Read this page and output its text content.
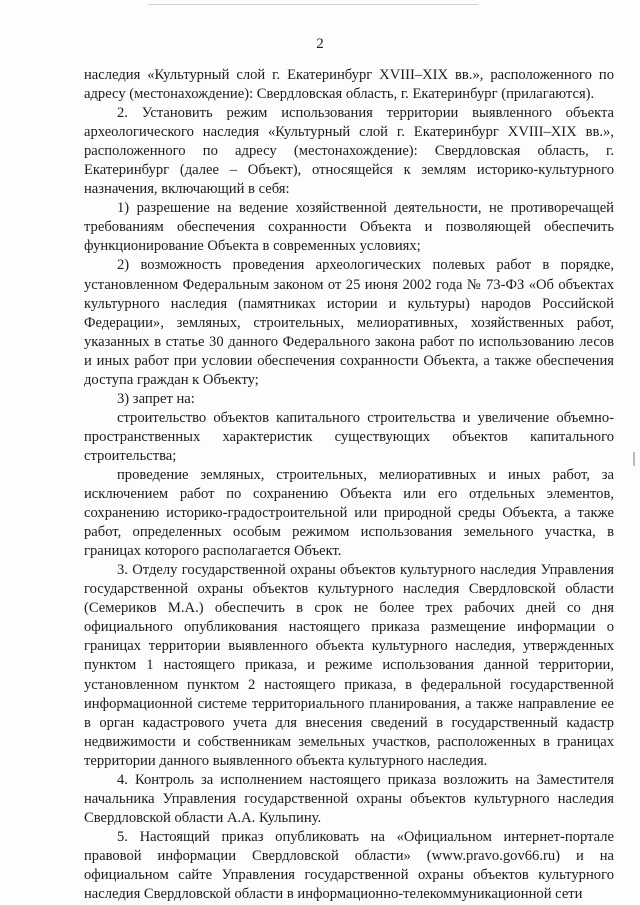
2

наследия «Культурный слой г. Екатеринбург XVIII–XIX вв.», расположенного по адресу (местонахождение): Свердловская область, г. Екатеринбург (прилагаются).

2. Установить режим использования территории выявленного объекта археологического наследия «Культурный слой г. Екатеринбург XVIII–XIX вв.», расположенного по адресу (местонахождение): Свердловская область, г. Екатеринбург (далее – Объект), относящейся к землям историко-культурного назначения, включающий в себя:

1) разрешение на ведение хозяйственной деятельности, не противоречащей требованиям обеспечения сохранности Объекта и позволяющей обеспечить функционирование Объекта в современных условиях;

2) возможность проведения археологических полевых работ в порядке, установленном Федеральным законом от 25 июня 2002 года № 73-ФЗ «Об объектах культурного наследия (памятниках истории и культуры) народов Российской Федерации», земляных, строительных, мелиоративных, хозяйственных работ, указанных в статье 30 данного Федерального закона работ по использованию лесов и иных работ при условии обеспечения сохранности Объекта, а также обеспечения доступа граждан к Объекту;

3) запрет на:

строительство объектов капитального строительства и увеличение объемно-пространственных характеристик существующих объектов капитального строительства;

проведение земляных, строительных, мелиоративных и иных работ, за исключением работ по сохранению Объекта или его отдельных элементов, сохранению историко-градостроительной или природной среды Объекта, а также работ, определенных особым режимом использования земельного участка, в границах которого располагается Объект.

3. Отделу государственной охраны объектов культурного наследия Управления государственной охраны объектов культурного наследия Свердловской области (Семериков М.А.) обеспечить в срок не более трех рабочих дней со дня официального опубликования настоящего приказа размещение информации о границах территории выявленного объекта культурного наследия, утвержденных пунктом 1 настоящего приказа, и режиме использования данной территории, установленном пунктом 2 настоящего приказа, в федеральной государственной информационной системе территориального планирования, а также направление ее в орган кадастрового учета для внесения сведений в государственный кадастр недвижимости и собственникам земельных участков, расположенных в границах территории данного выявленного объекта культурного наследия.

4. Контроль за исполнением настоящего приказа возложить на Заместителя начальника Управления государственной охраны объектов культурного наследия Свердловской области А.А. Кульпину.

5. Настоящий приказ опубликовать на «Официальном интернет-портале правовой информации Свердловской области» (www.pravo.gov66.ru) и на официальном сайте Управления государственной охраны объектов культурного наследия Свердловской области в информационно-телекоммуникационной сети
